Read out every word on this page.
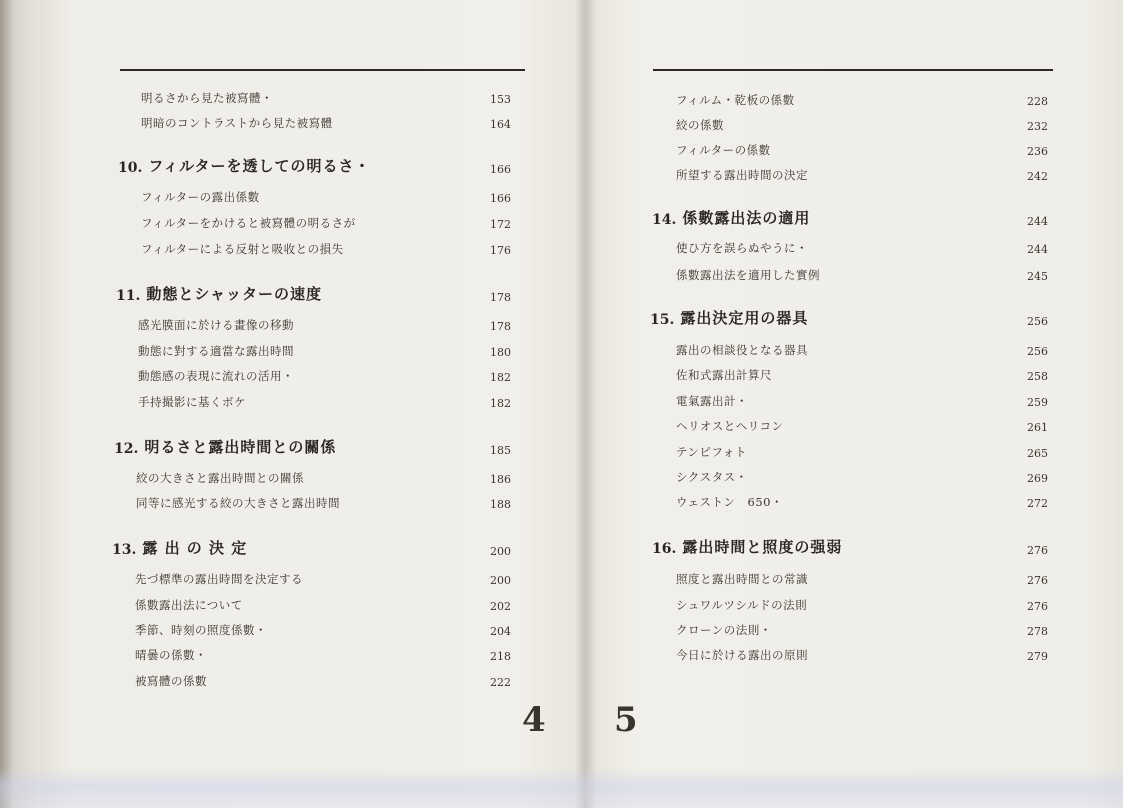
明るさから見た被寫體・	153
明暗のコントラストから見た被寫體	164
10. フィルターを透しての明るさ・	166
フィルターの露出係數	166
フィルターをかけると被寫體の明るさが	172
フィルターによる反射と吸收との損失	176
11. 動態とシャッターの速度	178
感光膜面に於ける畫像の移動	178
動態に對する適當な露出時間	180
動態感の表現に流れの活用・	182
手持撮影に基くボケ	182
12. 明るさと露出時間との關係	185
絞の大きさと露出時間との關係	186
同等に感光する絞の大きさと露出時間	188
13. 露 出 の 決 定	200
先づ標準の露出時間を決定する	200
係數露出法について	202
季節、時刻の照度係數・	204
晴曇の係數・	218
被寫體の係數	222
4
フィルム・乾板の係數	228
絞の係數	232
フィルターの係數	236
所望する露出時間の決定	242
14. 係數露出法の適用	244
使ひ方を誤らぬやうに・	244
係數露出法を適用した實例	245
15. 露出決定用の器具	256
露出の相談役となる器具	256
佐和式露出計算尺	258
電氣露出計・	259
ヘリオスとヘリコン	261
テンピフォト	265
シクスタス・	269
ウェストン　650・	272
16. 露出時間と照度の强弱	276
照度と露出時間との常識	276
シュワルツシルドの法則	276
クローンの法則・	278
今日に於ける露出の原則	279
5
